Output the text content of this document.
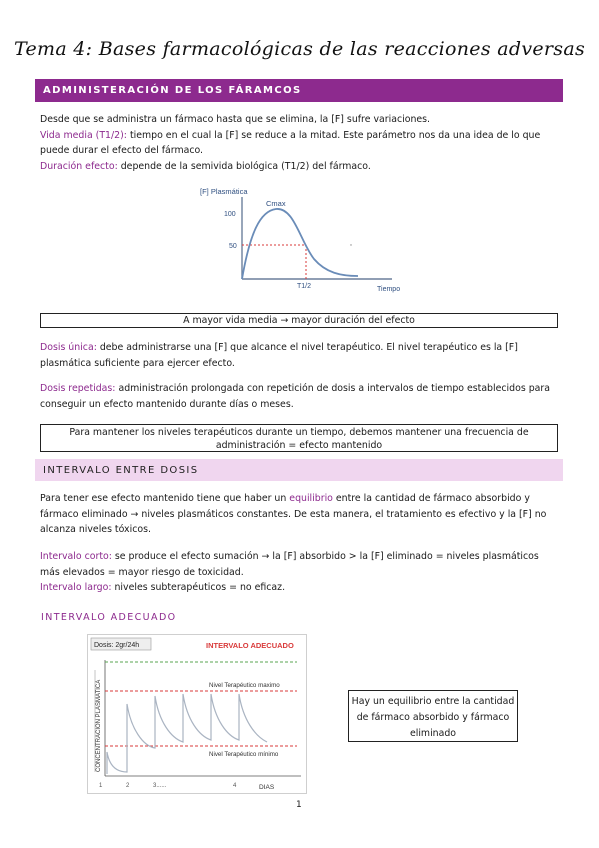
Tema 4: Bases farmacológicas de las reacciones adversas
ADMINISTERACIÓN DE LOS FÁRAMCOS

Desde que se administra un fármaco hasta que se elimina, la [F] sufre variaciones.

Vida media (T1/2): tiempo en el cual la [F] se reduce a la mitad. Este parámetro nos da una idea de lo que puede durar el efecto del fármaco.

Duración efecto: depende de la semivida biológica (T1/2) del fármaco.

[F] Plasmática
100
50
Cmax
T1/2	Tiempo
A mayor vida media → mayor duración del efecto
Dosis única: debe administrarse una [F] que alcance el nivel terapéutico. El nivel terapéutico es la [F] plasmática suficiente para ejercer efecto.
Dosis repetidas: administración prolongada con repetición de dosis a intervalos de tiempo establecidos para conseguir un efecto mantenido durante días o meses.
Para mantener los niveles terapéuticos durante un tiempo, debemos mantener una frecuencia de administración = efecto mantenido
INTERVALO ENTRE DOSIS
Para tener ese efecto mantenido tiene que haber un equilibrio entre la cantidad de fármaco absorbido y fármaco eliminado → niveles plasmáticos constantes. De esta manera, el tratamiento es efectivo y la [F] no alcanza niveles tóxicos.

Intervalo corto: se produce el efecto sumación → la [F] absorbido > la [F] eliminado = niveles plasmáticos más elevados = mayor riesgo de toxicidad.

Intervalo largo: niveles subterapéuticos = no eficaz.

INTERVALO ADECUADO
Dosis: 2gr/24h	INTERVALO ADECUADO
CONCENTRACION PLASMATICA	Nivel Terapéutico maximo
Nivel Terapéutico mínimo
1	2	3......	4	DIAS
Hay un equilibrio entre la cantidad de fármaco absorbido y fármaco eliminado
1
